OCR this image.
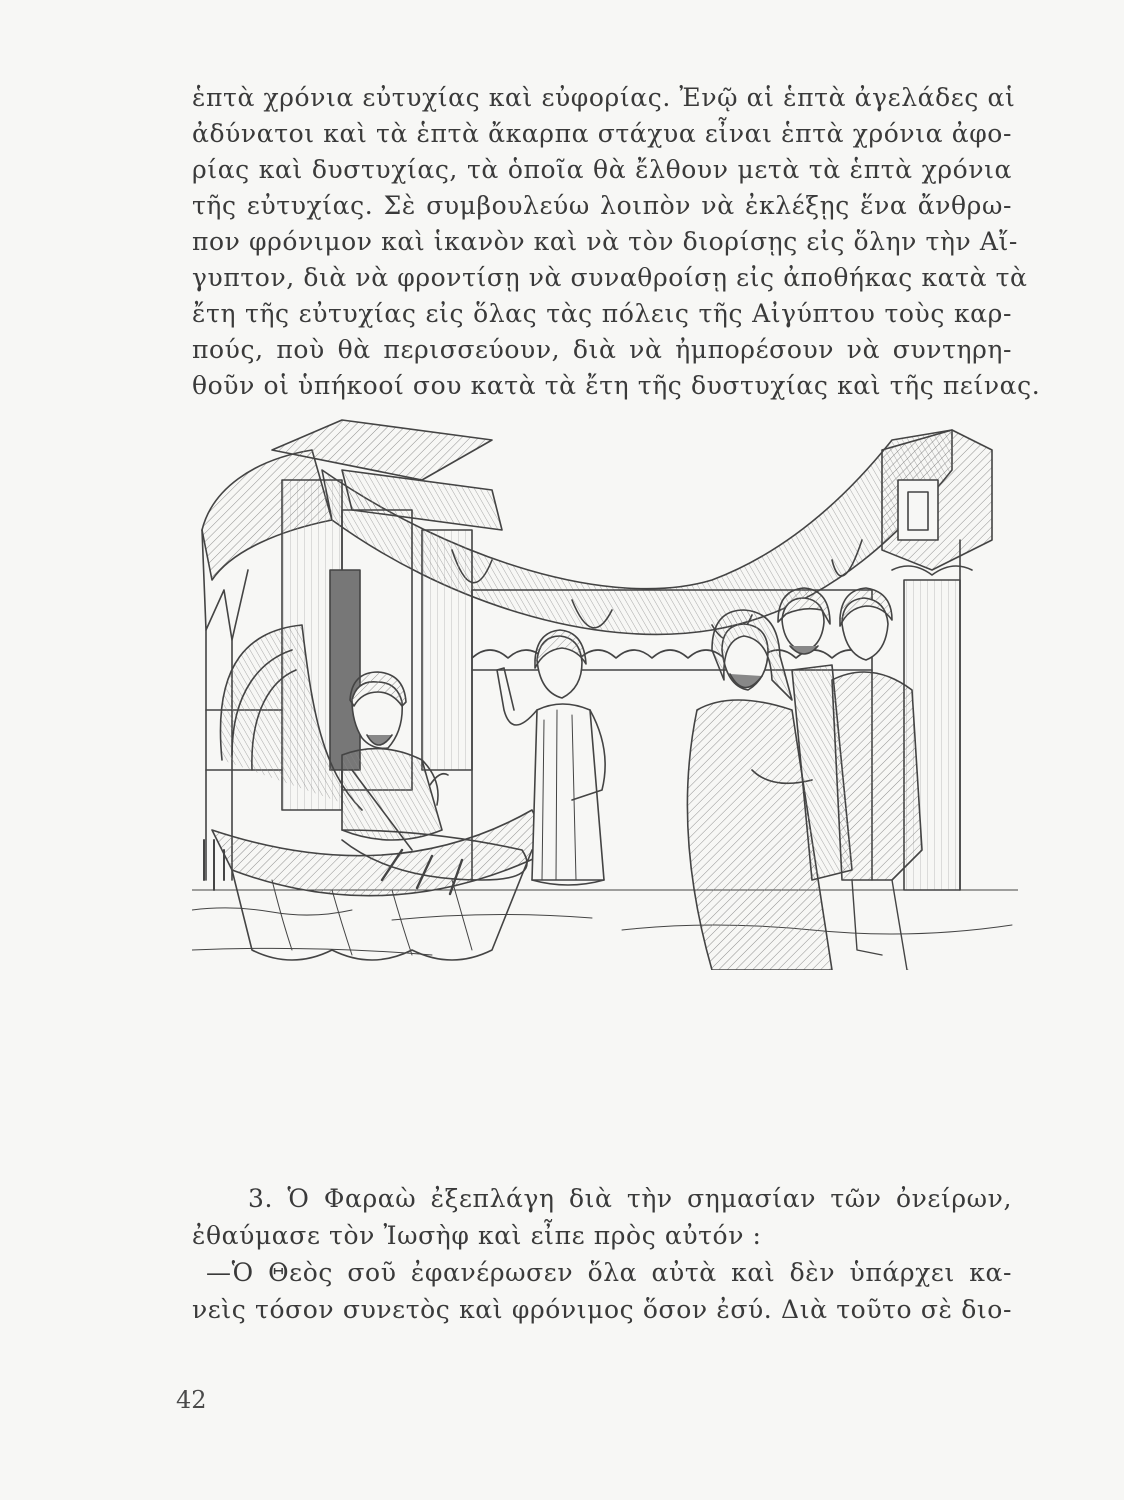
ἑπτὰ χρόνια εὐτυχίας καὶ εὐφορίας. Ἐνῷ αἱ ἑπτὰ ἀγελάδες αἱ
ἀδύνατοι καὶ τὰ ἑπτὰ ἄκαρπα στάχυα εἶναι ἑπτὰ χρόνια ἀφο-
ρίας καὶ δυστυχίας, τὰ ὁποῖα θὰ ἔλθουν μετὰ τὰ ἑπτὰ χρόνια
τῆς εὐτυχίας. Σὲ συμβουλεύω λοιπὸν νὰ ἐκλέξῃς ἕνα ἄνθρω-
πον φρόνιμον καὶ ἱκανὸν καὶ νὰ τὸν διορίσῃς εἰς ὅλην τὴν Αἴ-
γυπτον, διὰ νὰ φροντίσῃ νὰ συναθροίσῃ εἰς ἀποθήκας κατὰ τὰ
ἔτη τῆς εὐτυχίας εἰς ὅλας τὰς πόλεις τῆς Αἰγύπτου τοὺς καρ-
πούς, ποὺ θὰ περισσεύουν, διὰ νὰ ἠμπορέσουν νὰ συντηρη-
θοῦν οἱ ὑπήκοοί σου κατὰ τὰ ἔτη τῆς δυστυχίας καὶ τῆς πείνας.
3. Ὁ Φαραὼ ἐξεπλάγη διὰ τὴν σημασίαν τῶν ὀνείρων,
ἐθαύμασε τὸν Ἰωσὴφ καὶ εἶπε πρὸς αὐτόν :
—Ὁ Θεὸς σοῦ ἐφανέρωσεν ὅλα αὐτὰ καὶ δὲν ὑπάρχει κα-
νεὶς τόσον συνετὸς καὶ φρόνιμος ὅσον ἐσύ. Διὰ τοῦτο σὲ διο-
42
